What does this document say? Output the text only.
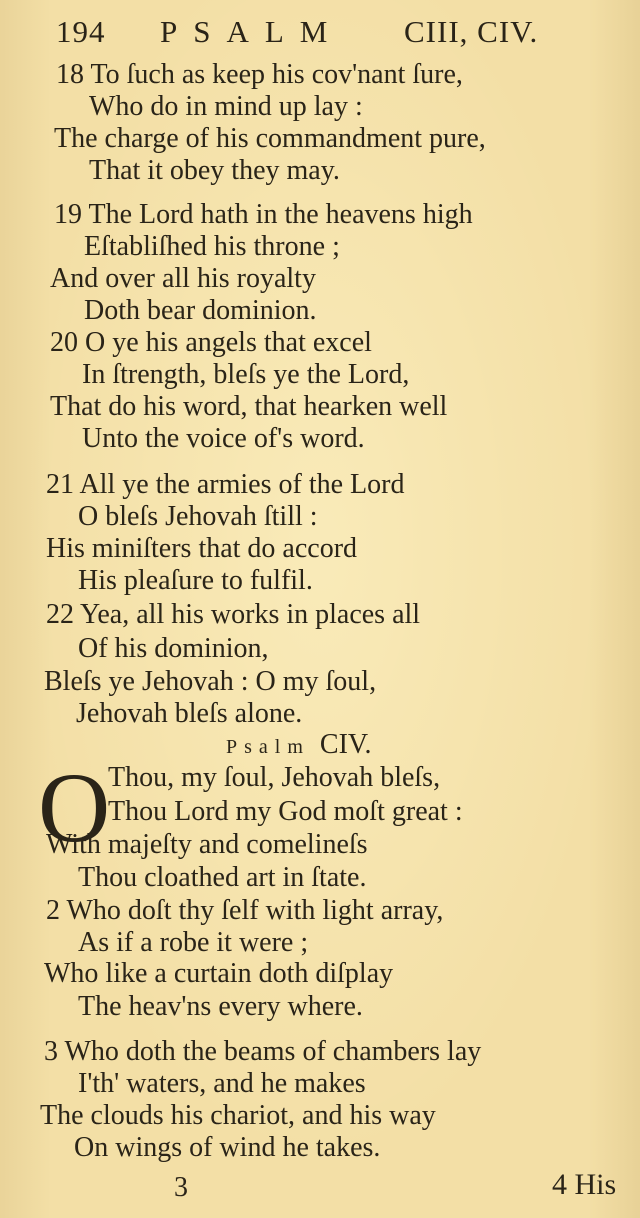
194 PSALM CIII, CIV.
18 To ſuch as keep his cov'nant ſure,
Who do in mind up lay :
The charge of his commandment pure,
That it obey they may.
19 The Lord hath in the heavens high
Eſtabliſhed his throne ;
And over all his royalty
Doth bear dominion.
20 O ye his angels that excel
In ſtrength, bleſs ye the Lord,
That do his word, that hearken well
Unto the voice of's word.
21 All ye the armies of the Lord
O bleſs Jehovah ſtill :
His miniſters that do accord
His pleaſure to fulfil.
22 Yea, all his works in places all
Of his dominion,
Bleſs ye Jehovah : O my ſoul,
Jehovah bleſs alone.
Psalm CIV.
O
Thou, my ſoul, Jehovah bleſs,
Thou Lord my God moſt great :
With majeſty and comelineſs
Thou cloathed art in ſtate.
2 Who doſt thy ſelf with light array,
As if a robe it were ;
Who like a curtain doth diſplay
The heav'ns every where.
3 Who doth the beams of chambers lay
I'th' waters, and he makes
The clouds his chariot, and his way
On wings of wind he takes.
3	4 His
